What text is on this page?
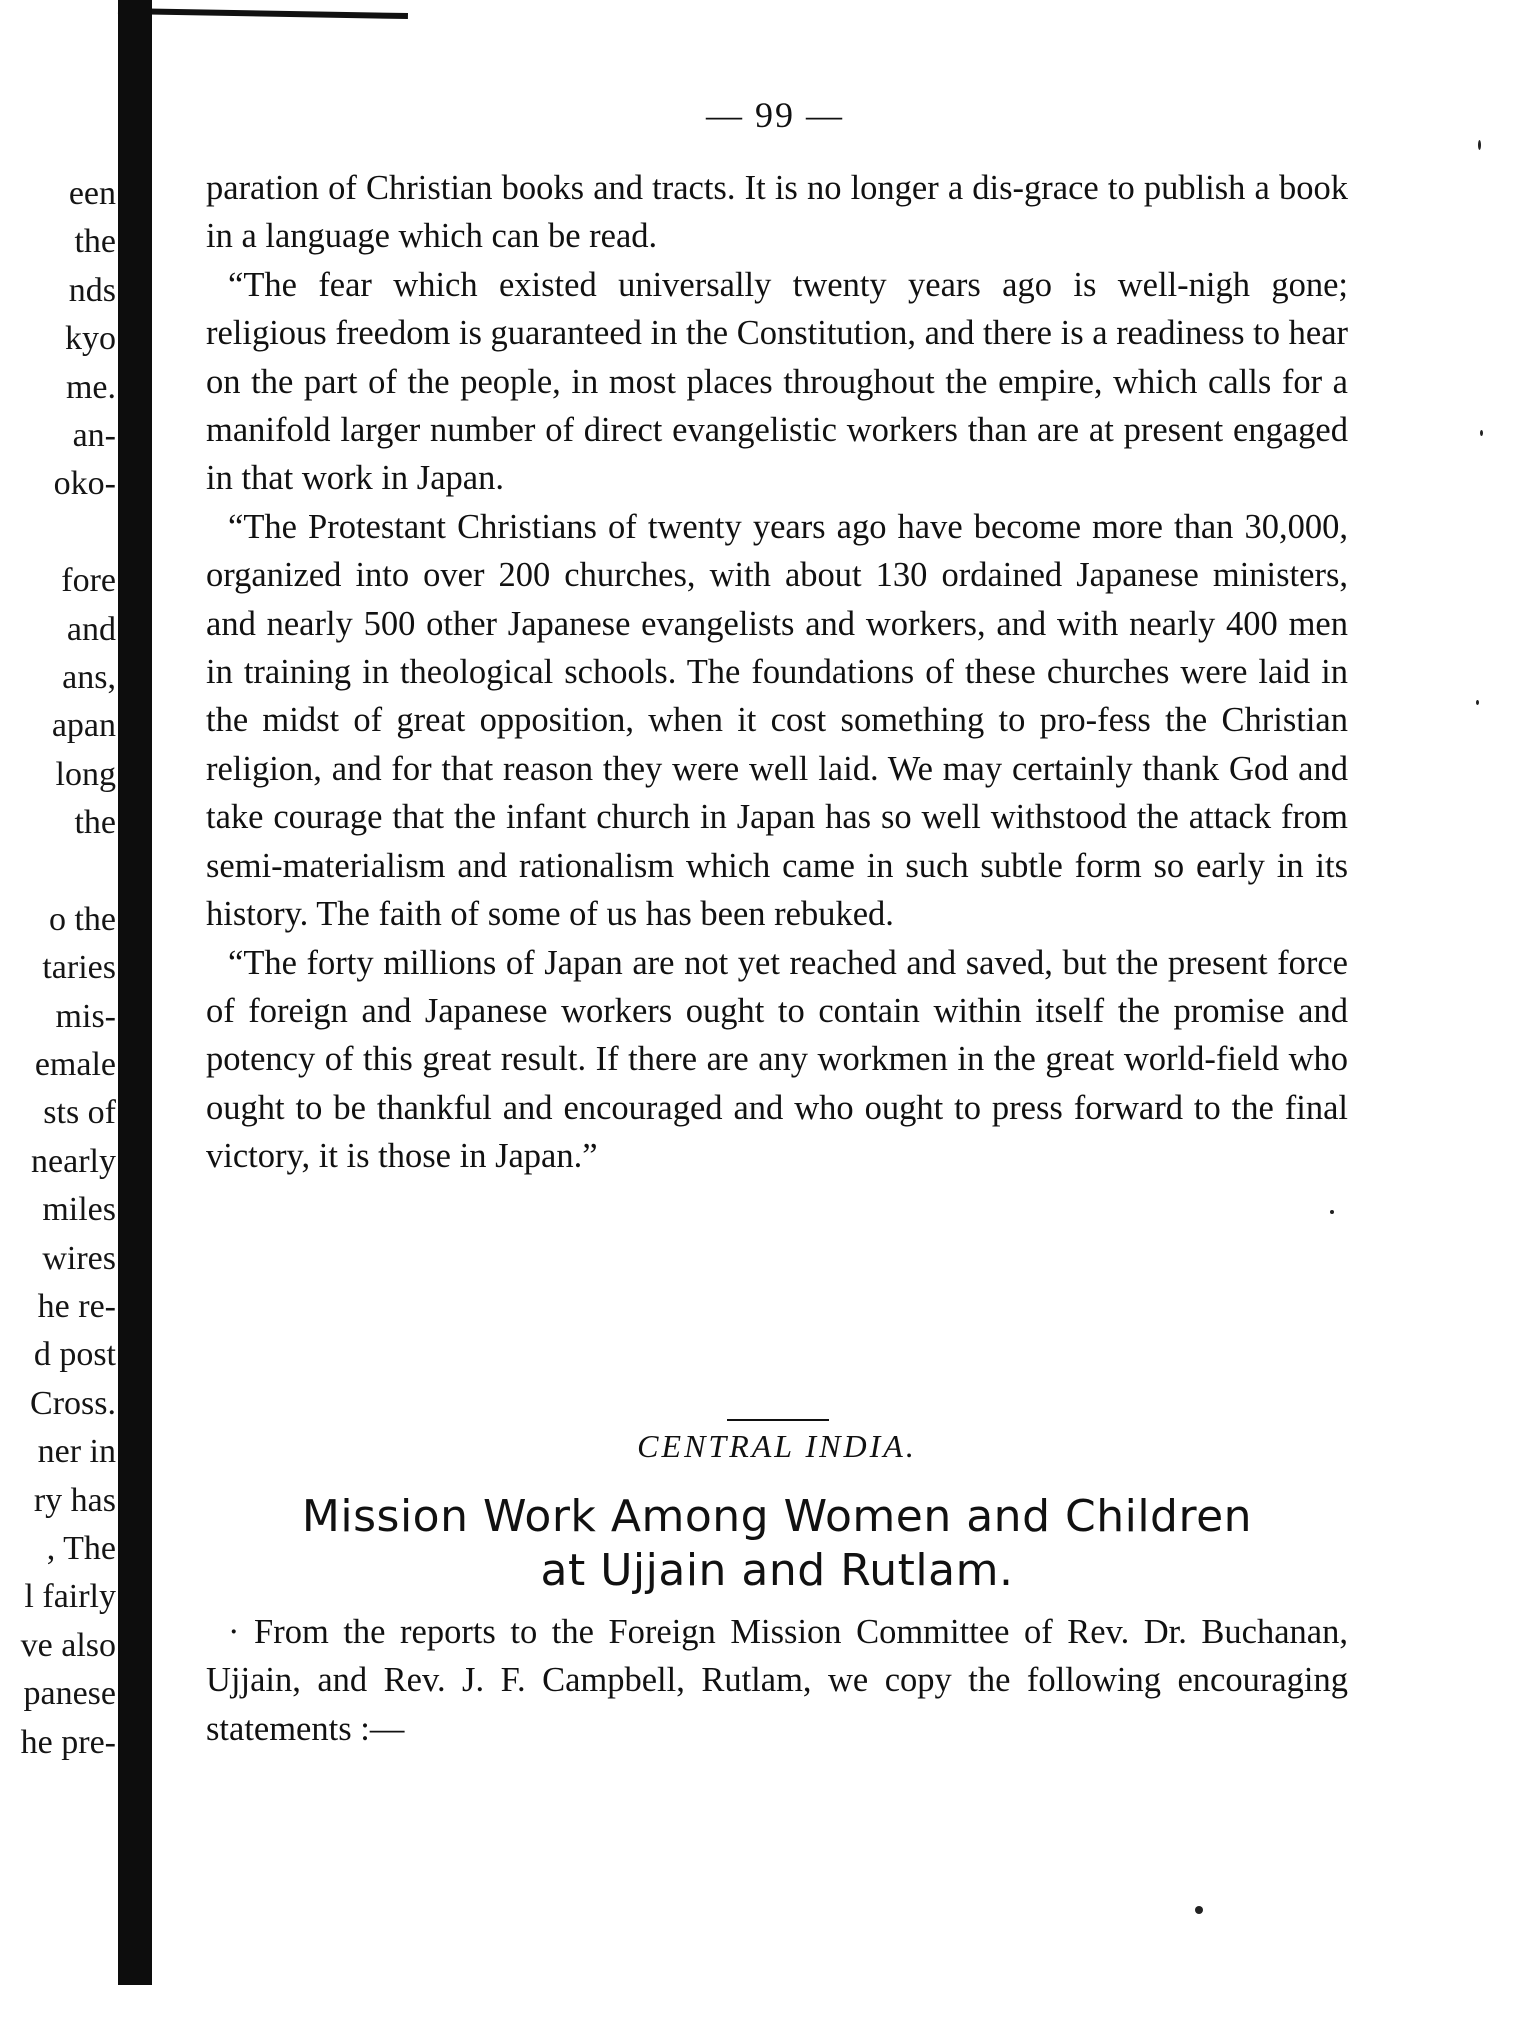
een
the
nds
kyo
me.
an-
oko-
fore
and
ans,
apan
long
the
o the
taries
mis-
emale
sts of
nearly
miles
wires
he re-
d post
Cross.
ner in
ry has
, The
l fairly
ve also
panese
he pre-
— 99 —

paration of Christian books and tracts. It is no longer a dis-grace to publish a book in a language which can be read.

“The fear which existed universally twenty years ago is well-nigh gone; religious freedom is guaranteed in the Constitution, and there is a readiness to hear on the part of the people, in most places throughout the empire, which calls for a manifold larger number of direct evangelistic workers than are at present engaged in that work in Japan.

“The Protestant Christians of twenty years ago have become more than 30,000, organized into over 200 churches, with about 130 ordained Japanese ministers, and nearly 500 other Japanese evangelists and workers, and with nearly 400 men in training in theological schools. The foundations of these churches were laid in the midst of great opposition, when it cost something to pro-fess the Christian religion, and for that reason they were well laid. We may certainly thank God and take courage that the infant church in Japan has so well withstood the attack from semi-materialism and rationalism which came in such subtle form so early in its history. The faith of some of us has been rebuked.

“The forty millions of Japan are not yet reached and saved, but the present force of foreign and Japanese workers ought to contain within itself the promise and potency of this great result. If there are any workmen in the great world-field who ought to be thankful and encouraged and who ought to press forward to the final victory, it is those in Japan.”

CENTRAL INDIA.
Mission Work Among Women and Children
at Ujjain and Rutlam.

· From the reports to the Foreign Mission Committee of Rev. Dr. Buchanan, Ujjain, and Rev. J. F. Campbell, Rutlam, we copy the following encouraging statements :—
